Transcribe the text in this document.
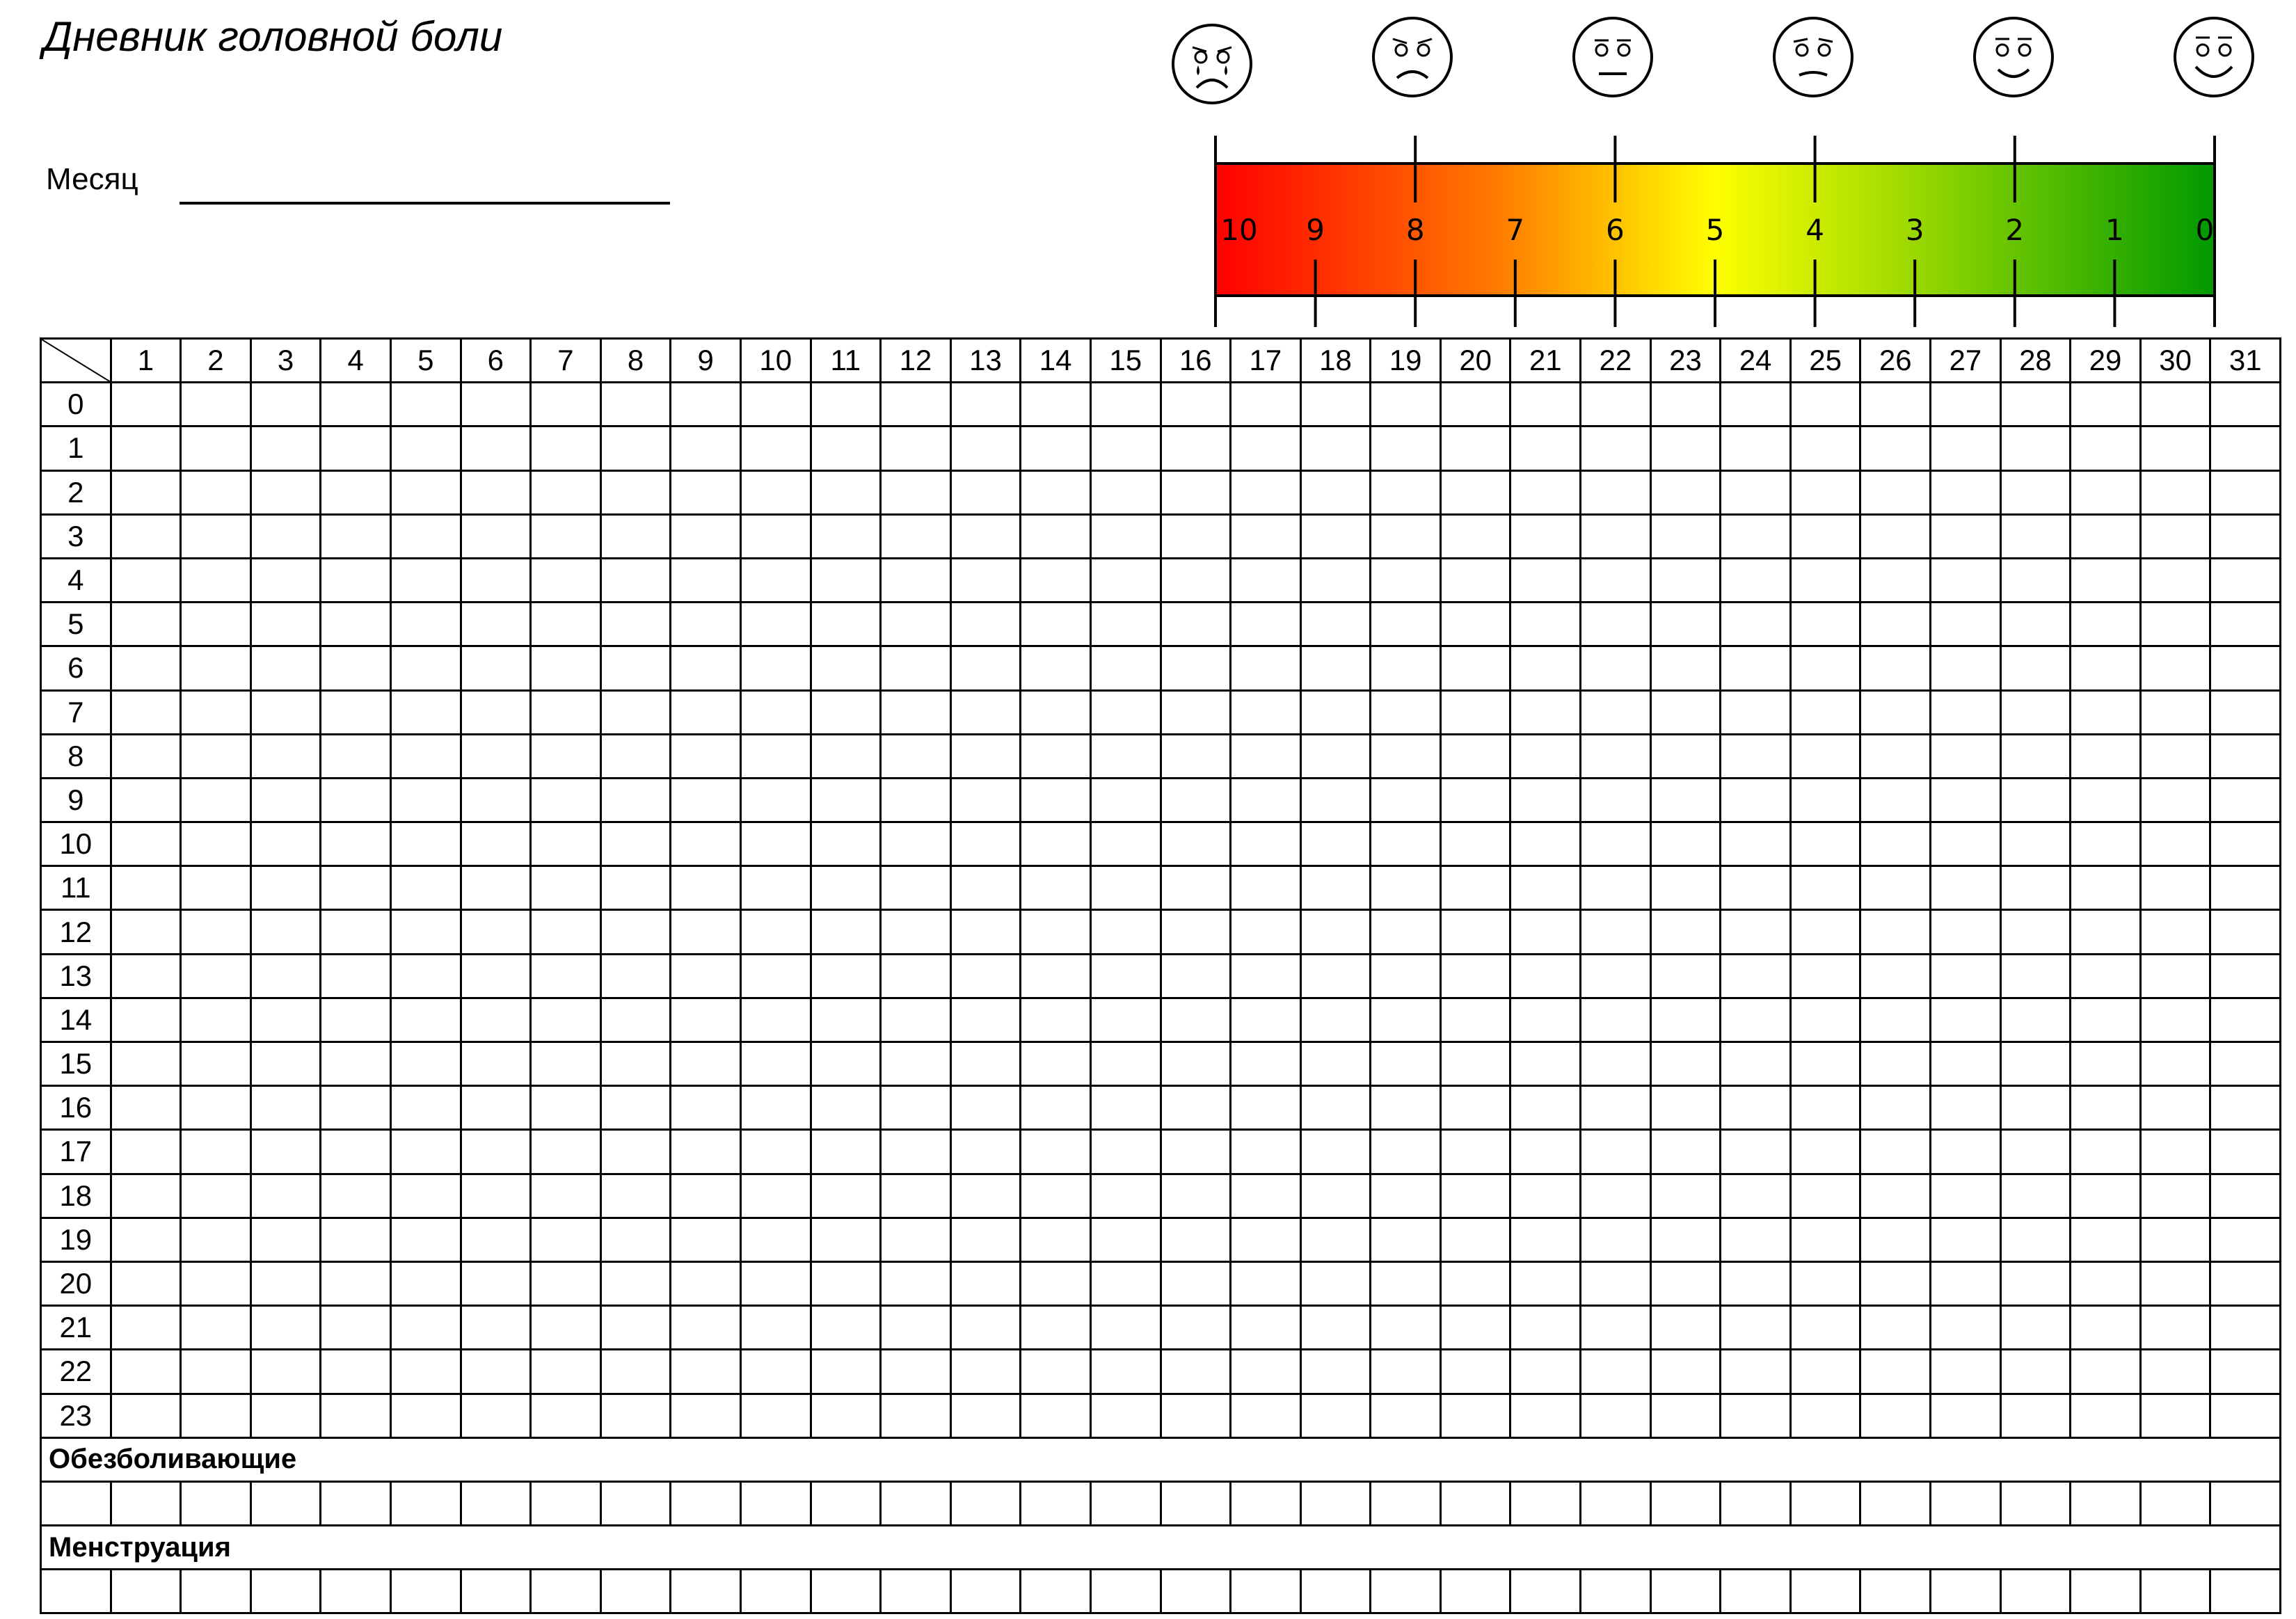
Дневник головной боли
Месяц
10 9	8	7	6	5	4	3	2	1 0
	1	2	3	4	5	6	7	8	9	10	11	12	13	14	15	16	17	18	19	20	21	22	23	24	25	26	27	28	29	30	31
0																															
1																															
2																															
3																															
4																															
5																															
6																															
7																															
8																															
9																															
10																															
11																															
12																															
13																															
14																															
15																															
16																															
17																															
18																															
19																															
20																															
21																															
22																															
23																															
Обезболивающие																															

Менструация																															
